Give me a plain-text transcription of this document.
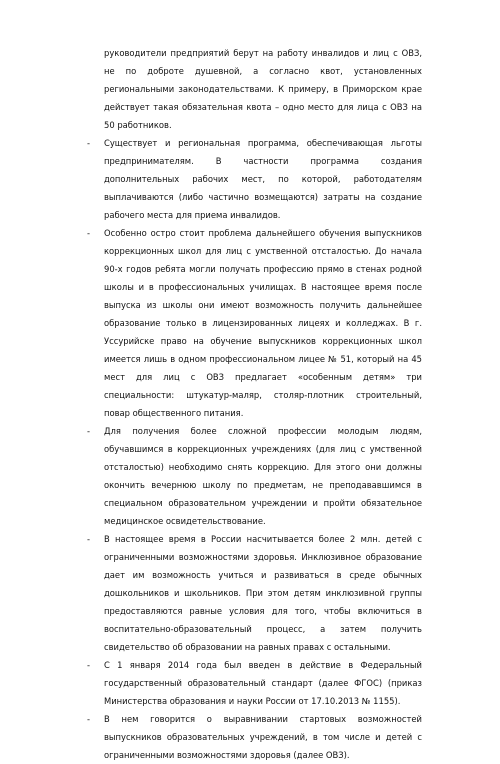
руководители предприятий берут на работу инвалидов и лиц с ОВЗ, не по доброте душевной, а согласно квот, установленных региональными законодательствами. К примеру, в Приморском крае действует такая обязательная квота – одно место для лица с ОВЗ на 50 работников.

-	Существует и региональная программа, обеспечивающая льготы предпринимателям. В частности программа создания дополнительных рабочих мест, по которой, работодателям выплачиваются (либо частично возмещаются) затраты на создание рабочего места для приема инвалидов.
-	Особенно остро стоит проблема дальнейшего обучения выпускников коррекционных школ для лиц с умственной отсталостью. До начала 90-х годов ребята могли получать профессию прямо в стенах родной школы и в профессиональных училищах. В настоящее время после выпуска из школы они имеют возможность получить дальнейшее образование только в лицензированных лицеях и колледжах. В г. Уссурийске право на обучение выпускников коррекционных школ имеется лишь в одном профессиональном лицее № 51, который на 45 мест для лиц с ОВЗ предлагает «особенным детям» три специальности: штукатур-маляр, столяр-плотник строительный, повар общественного питания.
-	Для получения более сложной профессии молодым людям, обучавшимся в коррекционных учреждениях (для лиц с умственной отсталостью) необходимо снять коррекцию. Для этого они должны окончить вечернюю школу по предметам, не преподававшимся в специальном образовательном учреждении и пройти обязательное медицинское освидетельствование.
-	В настоящее время в России насчитывается более 2 млн. детей с ограниченными возможностями здоровья. Инклюзивное образование дает им возможность учиться и развиваться в среде обычных дошкольников и школьников. При этом детям инклюзивной группы предоставляются равные условия для того, чтобы включиться в воспитательно-образовательный процесс, а затем получить свидетельство об образовании на равных правах с остальными.
-	С 1 января 2014 года был введен в действие в Федеральный государственный образовательный стандарт (далее ФГОС) (приказ Министерства образования и науки России от 17.10.2013 № 1155).
-	В нем говорится о выравнивании стартовых возможностей выпускников образовательных учреждений, в том числе и детей с ограниченными возможностями здоровья (далее ОВЗ).
